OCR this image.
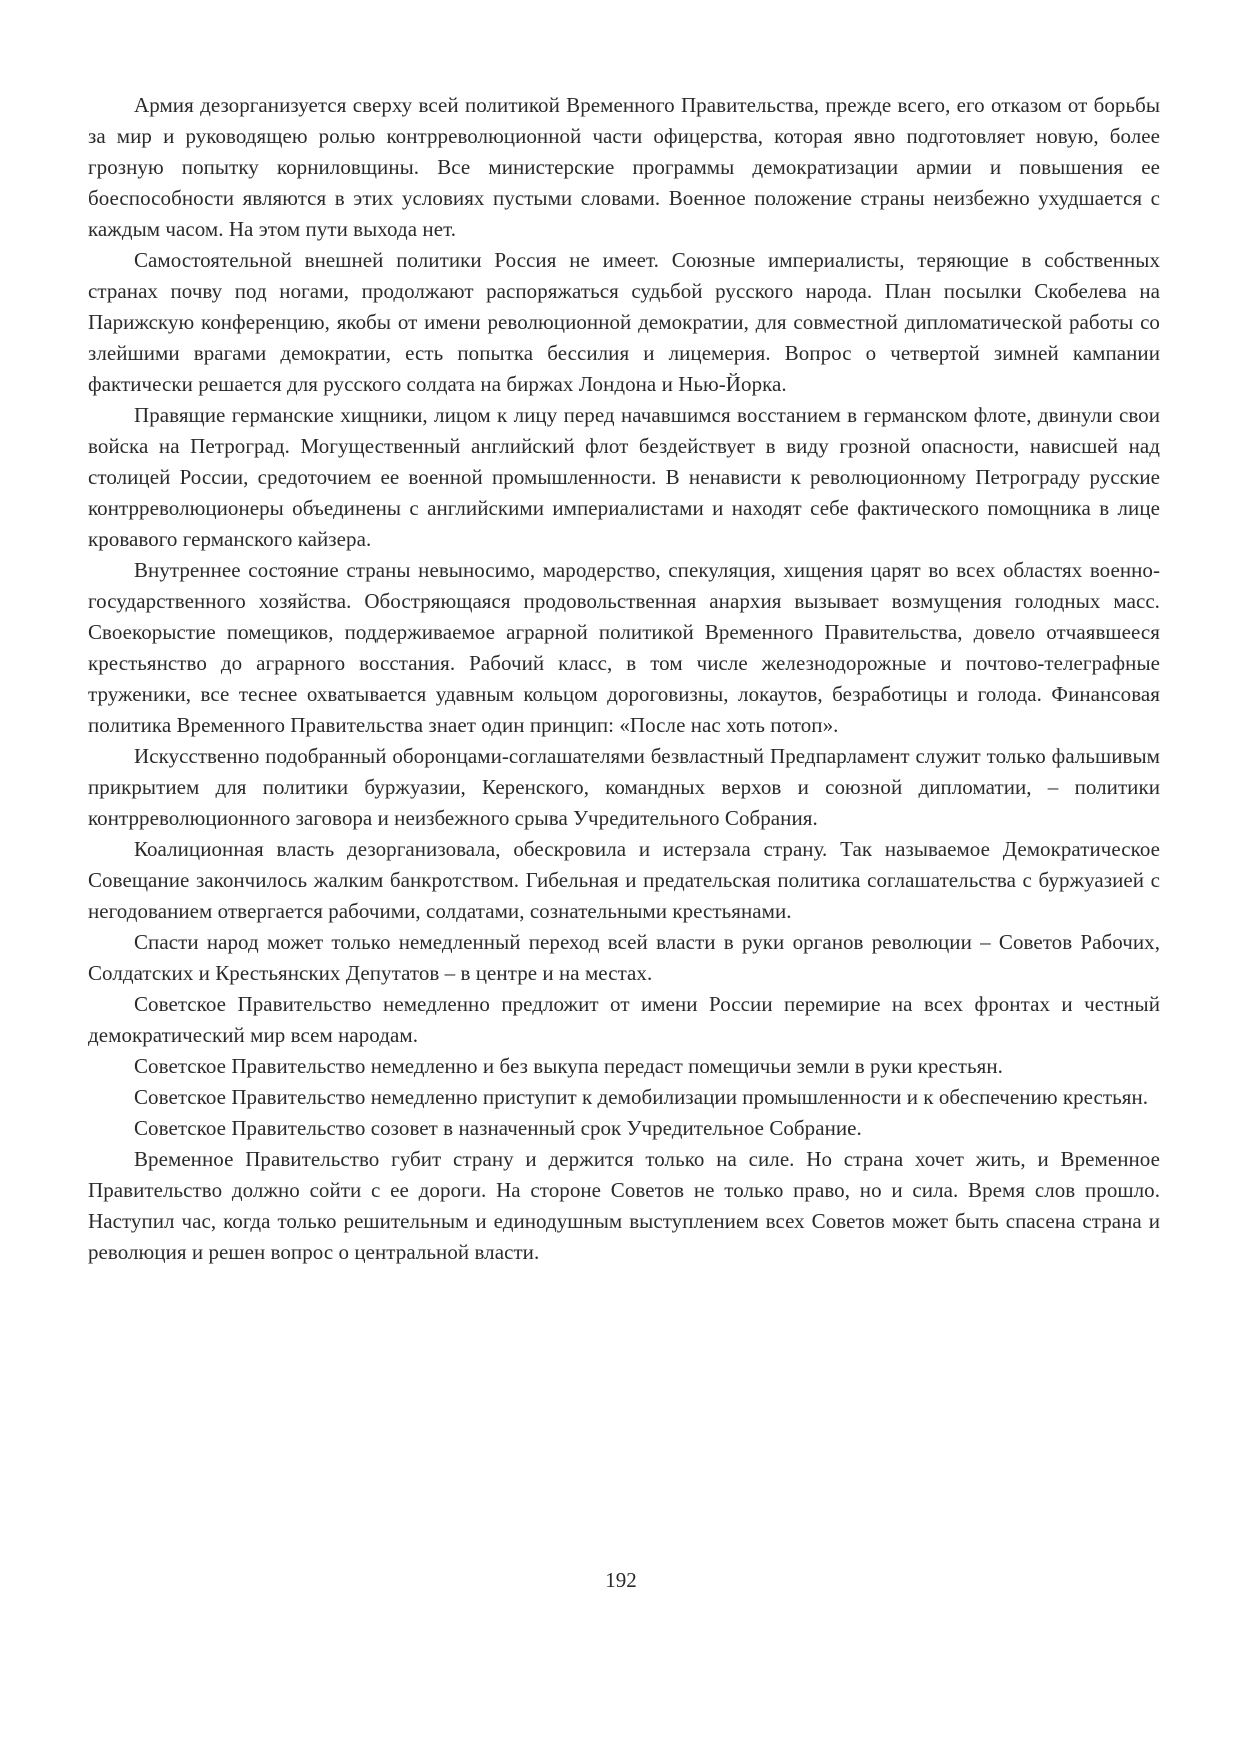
Армия дезорганизуется сверху всей политикой Временного Правительства, прежде всего, его отказом от борьбы за мир и руководящею ролью контрреволюционной части офицерства, которая явно подготовляет новую, более грозную попытку корниловщины. Все министерские программы демократизации армии и повышения ее боеспособности являются в этих условиях пустыми словами. Военное положение страны неизбежно ухудшается с каждым часом. На этом пути выхода нет.

Самостоятельной внешней политики Россия не имеет. Союзные империалисты, теряющие в собственных странах почву под ногами, продолжают распоряжаться судьбой русского народа. План посылки Скобелева на Парижскую конференцию, якобы от имени революционной демократии, для совместной дипломатической работы со злейшими врагами демократии, есть попытка бессилия и лицемерия. Вопрос о четвертой зимней кампании фактически решается для русского солдата на биржах Лондона и Нью-Йорка.

Правящие германские хищники, лицом к лицу перед начавшимся восстанием в германском флоте, двинули свои войска на Петроград. Могущественный английский флот бездействует в виду грозной опасности, нависшей над столицей России, средоточием ее военной промышленности. В ненависти к революционному Петрограду русские контрреволюционеры объединены с английскими империалистами и находят себе фактического помощника в лице кровавого германского кайзера.

Внутреннее состояние страны невыносимо, мародерство, спекуляция, хищения царят во всех областях военно-государственного хозяйства. Обостряющаяся продовольственная анархия вызывает возмущения голодных масс. Своекорыстие помещиков, поддерживаемое аграрной политикой Временного Правительства, довело отчаявшееся крестьянство до аграрного восстания. Рабочий класс, в том числе железнодорожные и почтово-телеграфные труженики, все теснее охватывается удавным кольцом дороговизны, локаутов, безработицы и голода. Финансовая политика Временного Правительства знает один принцип: «После нас хоть потоп».

Искусственно подобранный оборонцами-соглашателями безвластный Предпарламент служит только фальшивым прикрытием для политики буржуазии, Керенского, командных верхов и союзной дипломатии, – политики контрреволюционного заговора и неизбежного срыва Учредительного Собрания.

Коалиционная власть дезорганизовала, обескровила и истерзала страну. Так называемое Демократическое Совещание закончилось жалким банкротством. Гибельная и предательская политика соглашательства с буржуазией с негодованием отвергается рабочими, солдатами, сознательными крестьянами.

Спасти народ может только немедленный переход всей власти в руки органов революции – Советов Рабочих, Солдатских и Крестьянских Депутатов – в центре и на местах.

Советское Правительство немедленно предложит от имени России перемирие на всех фронтах и честный демократический мир всем народам.

Советское Правительство немедленно и без выкупа передаст помещичьи земли в руки крестьян.

Советское Правительство немедленно приступит к демобилизации промышленности и к обеспечению крестьян.

Советское Правительство созовет в назначенный срок Учредительное Собрание.

Временное Правительство губит страну и держится только на силе. Но страна хочет жить, и Временное Правительство должно сойти с ее дороги. На стороне Советов не только право, но и сила. Время слов прошло. Наступил час, когда только решительным и единодушным выступлением всех Советов может быть спасена страна и революция и решен вопрос о центральной власти.

192
